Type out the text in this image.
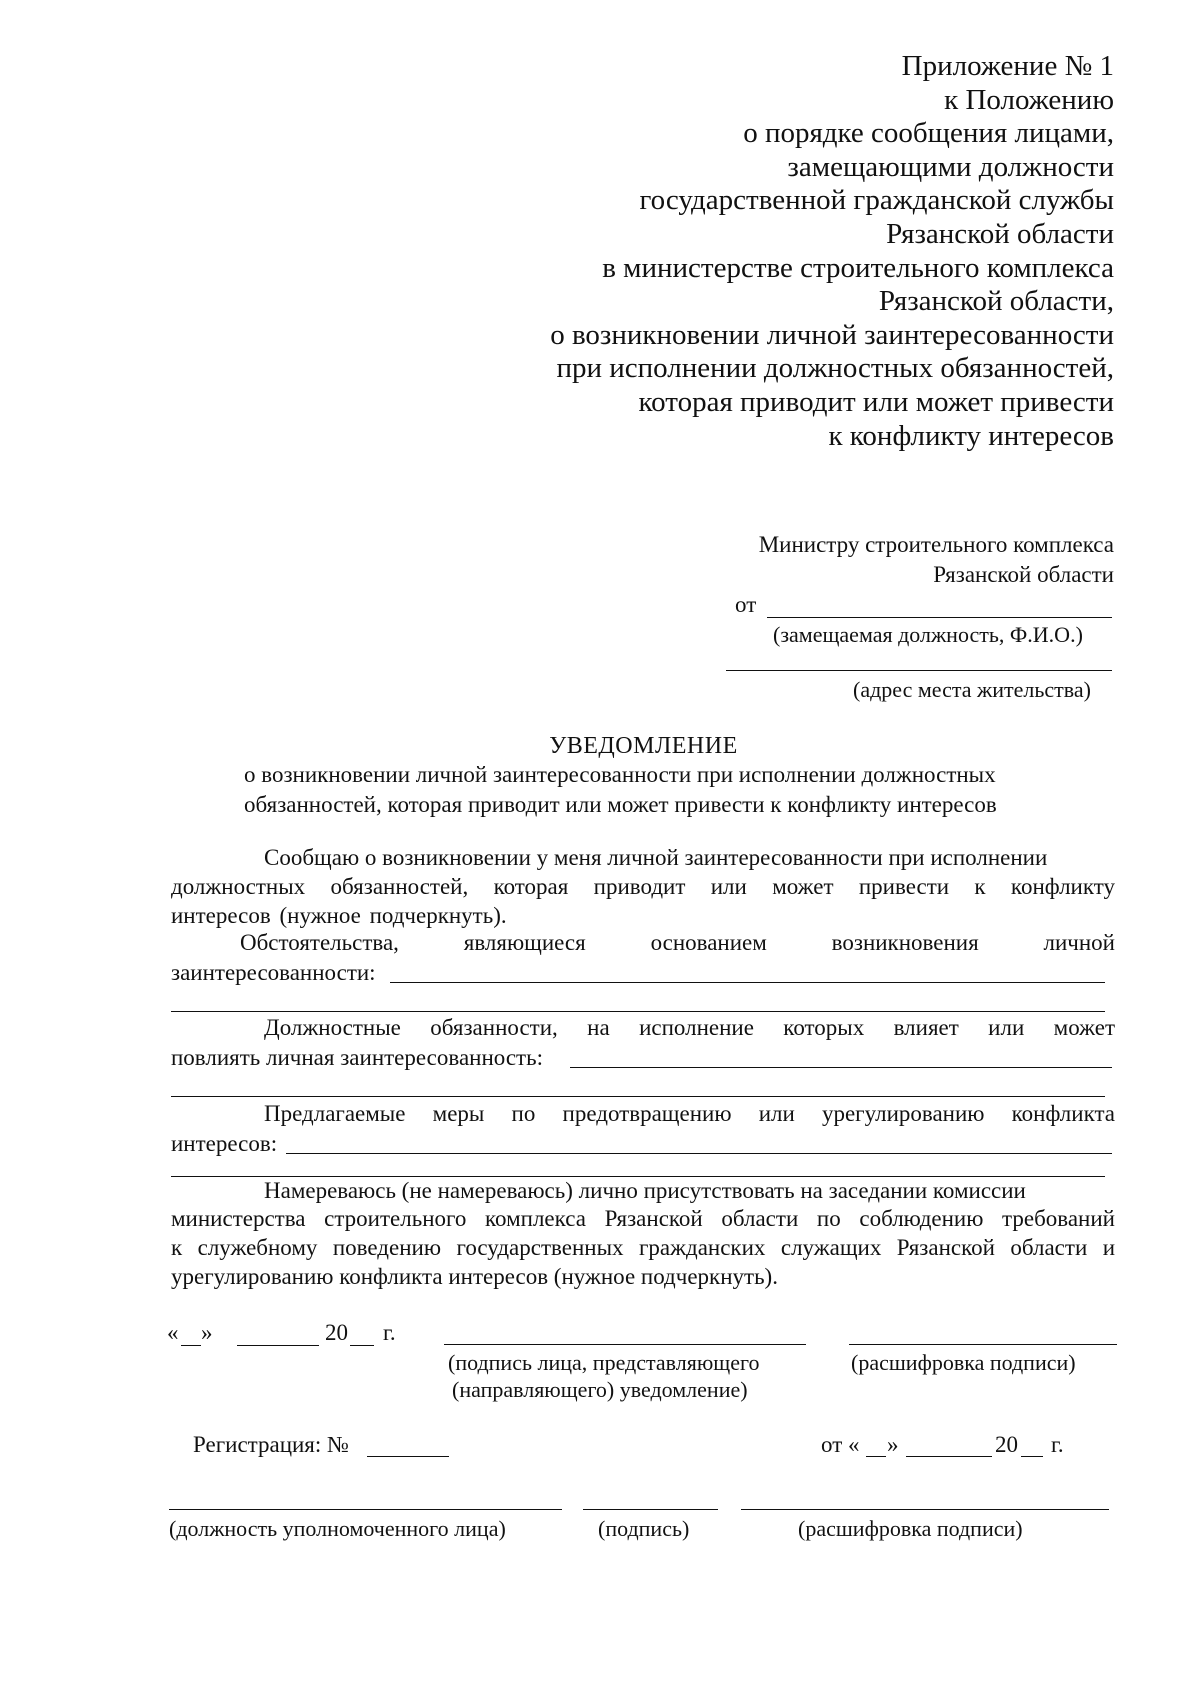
Приложение № 1
к Положению
о порядке сообщения лицами,
замещающими должности
государственной гражданской службы
Рязанской области
в министерстве строительного комплекса
Рязанской области,
о возникновении личной заинтересованности
при исполнении должностных обязанностей,
которая приводит или может привести
к конфликту интересов
Министру строительного комплекса
Рязанской области
от
(замещаемая должность, Ф.И.О.)
(адрес места жительства)
УВЕДОМЛЕНИЕ
о возникновении личной заинтересованности при исполнении должностных
обязанностей, которая приводит или может привести к конфликту интересов
Сообщаю о возникновении у меня личной заинтересованности при исполнении
должностных обязанностей, которая приводит или может привести к конфликту
интересов (нужное подчеркнуть).
Обстоятельства, являющиеся основанием возникновения личной
заинтересованности:
Должностные обязанности, на исполнение которых влияет или может
повлиять личная заинтересованность:
Предлагаемые меры по предотвращению или урегулированию конфликта
интересов:
Намереваюсь (не намереваюсь) лично присутствовать на заседании комиссии
министерства строительного комплекса Рязанской области по соблюдению требований
к служебному поведению государственных гражданских служащих Рязанской области и
урегулированию конфликта интересов (нужное подчеркнуть).
« »	20 г.
(подпись лица, представляющего
(направляющего) уведомление)
(расшифровка подписи)
Регистрация: №	от « »	20 г.
(должность уполномоченного лица)	(подпись)	(расшифровка подписи)
